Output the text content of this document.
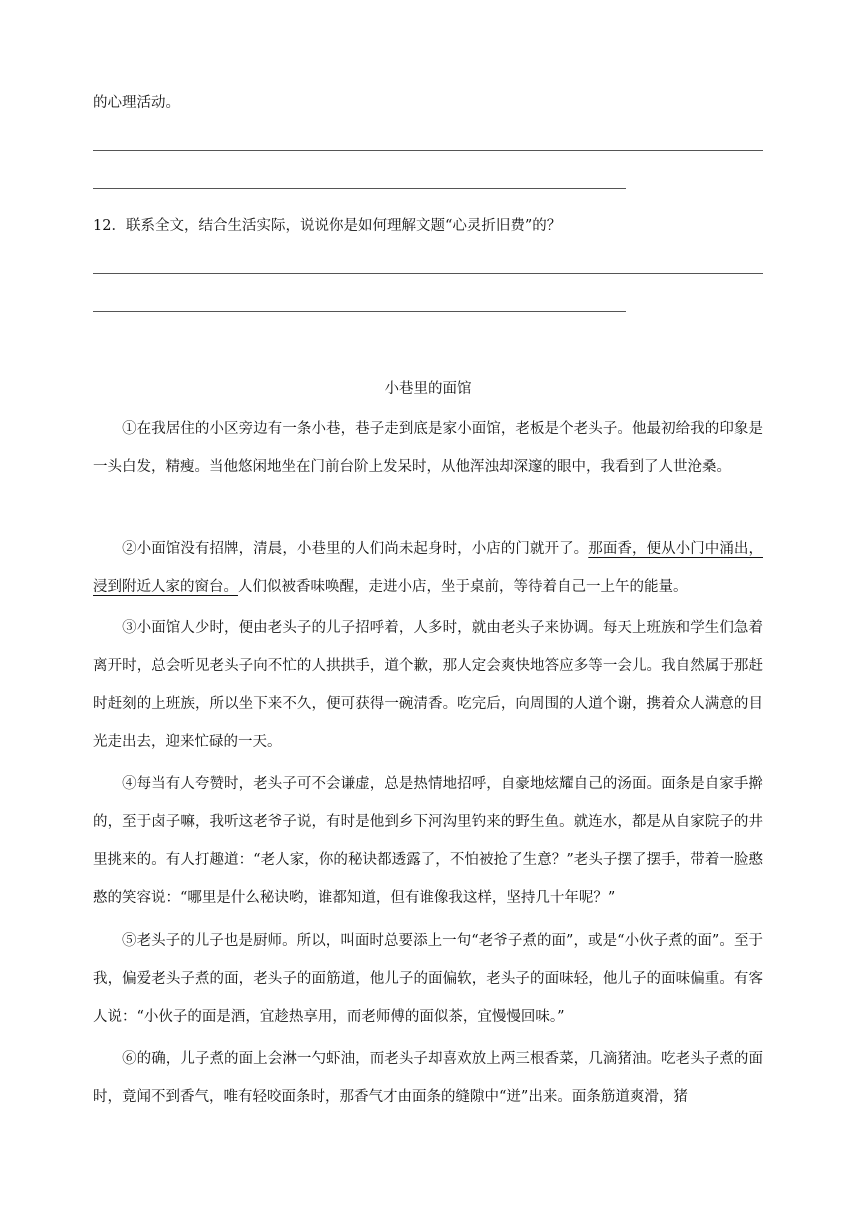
的心理活动。
12．联系全文，结合生活实际，说说你是如何理解文题“心灵折旧费”的？
小巷里的面馆
①在我居住的小区旁边有一条小巷，巷子走到底是家小面馆，老板是个老头子。他最初给我的印象是一头白发，精瘦。当他悠闲地坐在门前台阶上发呆时，从他浑浊却深邃的眼中，我看到了人世沧桑。
②小面馆没有招牌，清晨，小巷里的人们尚未起身时，小店的门就开了。那面香，便从小门中涌出，浸到附近人家的窗台。人们似被香味唤醒，走进小店，坐于桌前，等待着自己一上午的能量。
③小面馆人少时，便由老头子的儿子招呼着，人多时，就由老头子来协调。每天上班族和学生们急着离开时，总会听见老头子向不忙的人拱拱手，道个歉，那人定会爽快地答应多等一会儿。我自然属于那赶时赶刻的上班族，所以坐下来不久，便可获得一碗清香。吃完后，向周围的人道个谢，携着众人满意的目光走出去，迎来忙碌的一天。
④每当有人夸赞时，老头子可不会谦虚，总是热情地招呼，自豪地炫耀自己的汤面。面条是自家手擀的，至于卤子嘛，我听这老爷子说，有时是他到乡下河沟里钓来的野生鱼。就连水，都是从自家院子的井里挑来的。有人打趣道：“老人家，你的秘诀都透露了，不怕被抢了生意？”老头子摆了摆手，带着一脸憨憨的笑容说：“哪里是什么秘诀哟，谁都知道，但有谁像我这样，坚持几十年呢？”
⑤老头子的儿子也是厨师。所以，叫面时总要添上一句“老爷子煮的面”，或是“小伙子煮的面”。至于我，偏爱老头子煮的面，老头子的面筋道，他儿子的面偏软，老头子的面味轻，他儿子的面味偏重。有客人说：“小伙子的面是酒，宜趁热享用，而老师傅的面似茶，宜慢慢回味。”
⑥的确，儿子煮的面上会淋一勺虾油，而老头子却喜欢放上两三根香菜，几滴猪油。吃老头子煮的面时，竟闻不到香气，唯有轻咬面条时，那香气才由面条的缝隙中“迸”出来。面条筋道爽滑，猪
